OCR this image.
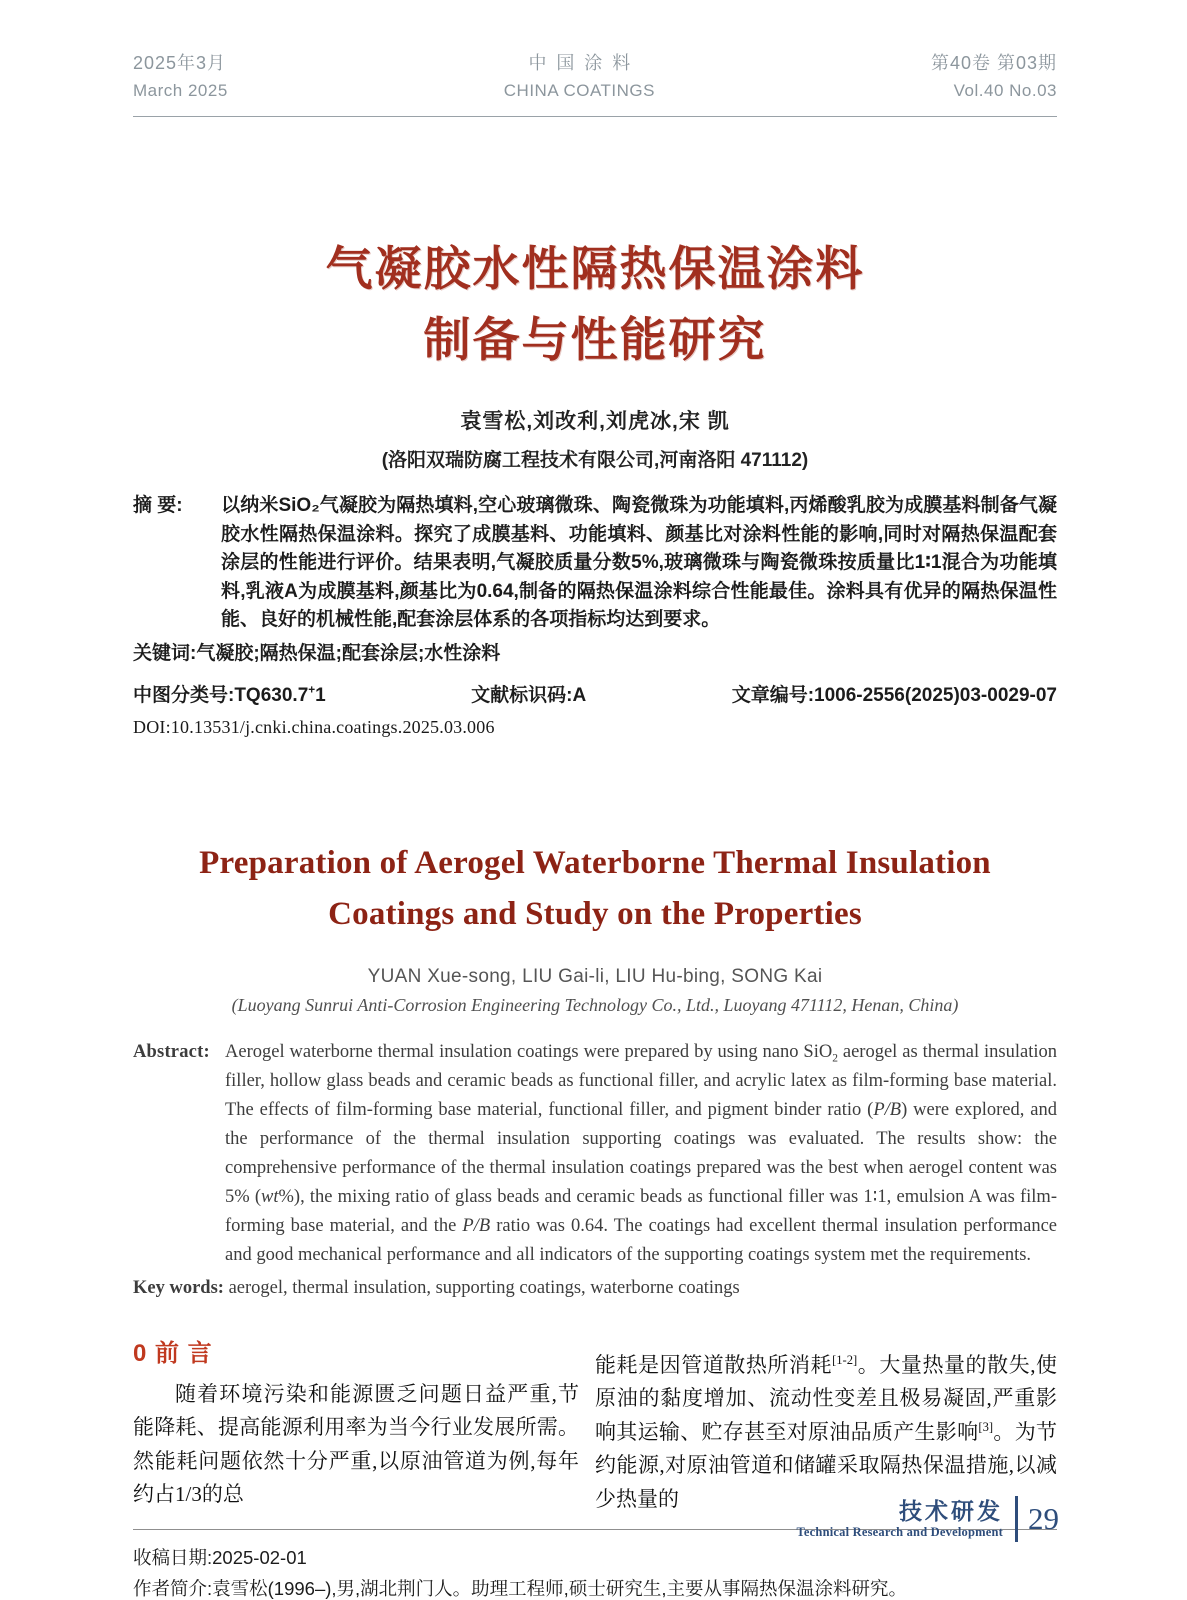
2025年3月
March 2025
中国涂料
CHINA COATINGS
第40卷 第03期
Vol.40 No.03
气凝胶水性隔热保温涂料
制备与性能研究
袁雪松,刘改利,刘虎冰,宋 凯
(洛阳双瑞防腐工程技术有限公司,河南洛阳 471112)
摘 要: 以纳米SiO₂气凝胶为隔热填料,空心玻璃微珠、陶瓷微珠为功能填料,丙烯酸乳胶为成膜基料制备气凝胶水性隔热保温涂料。探究了成膜基料、功能填料、颜基比对涂料性能的影响,同时对隔热保温配套涂层的性能进行评价。结果表明,气凝胶质量分数5%,玻璃微珠与陶瓷微珠按质量比1∶1混合为功能填料,乳液A为成膜基料,颜基比为0.64,制备的隔热保温涂料综合性能最佳。涂料具有优异的隔热保温性能、良好的机械性能,配套涂层体系的各项指标均达到要求。
关键词:气凝胶;隔热保温;配套涂层;水性涂料
中图分类号:TQ630.7+1	文献标识码:A	文章编号:1006-2556(2025)03-0029-07
DOI:10.13531/j.cnki.china.coatings.2025.03.006
Preparation of Aerogel Waterborne Thermal Insulation
Coatings and Study on the Properties
YUAN Xue-song, LIU Gai-li, LIU Hu-bing, SONG Kai
(Luoyang Sunrui Anti-Corrosion Engineering Technology Co., Ltd., Luoyang 471112, Henan, China)
Abstract: Aerogel waterborne thermal insulation coatings were prepared by using nano SiO$_2$ aerogel as thermal insulation filler, hollow glass beads and ceramic beads as functional filler, and acrylic latex as film-forming base material. The effects of film-forming base material, functional filler, and pigment binder ratio (P/B) were explored, and the performance of the thermal insulation supporting coatings was evaluated. The results show: the comprehensive performance of the thermal insulation coatings prepared was the best when aerogel content was 5% (wt%), the mixing ratio of glass beads and ceramic beads as functional filler was 1∶1, emulsion A was film-forming base material, and the P/B ratio was 0.64. The coatings had excellent thermal insulation performance and good mechanical performance and all indicators of the supporting coatings system met the requirements.
Key words: aerogel, thermal insulation, supporting coatings, waterborne coatings
0 前 言

随着环境污染和能源匮乏问题日益严重,节能降耗、提高能源利用率为当今行业发展所需。然能耗问题依然十分严重,以原油管道为例,每年约占1/3的总

能耗是因管道散热所消耗[1-2]。大量热量的散失,使原油的黏度增加、流动性变差且极易凝固,严重影响其运输、贮存甚至对原油品质产生影响[3]。为节约能源,对原油管道和储罐采取隔热保温措施,以减少热量的

收稿日期:2025-02-01
作者简介:袁雪松(1996–),男,湖北荆门人。助理工程师,硕士研究生,主要从事隔热保温涂料研究。
技术研发
Technical Research and Development 29
